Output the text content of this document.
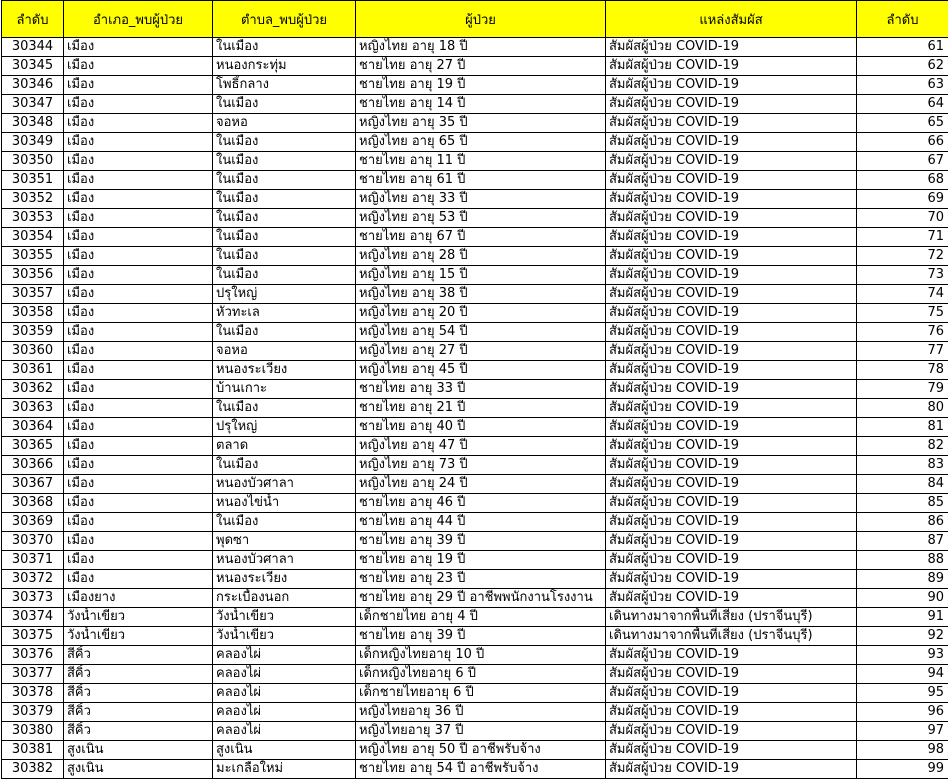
ลำดับ	อำเภอ_พบผู้ป่วย	ตำบล_พบผู้ป่วย	ผู้ป่วย	แหล่งสัมผัส	ลำดับ
30344	เมือง	ในเมือง	หญิงไทย อายุ 18 ปี	สัมผัสผู้ป่วย COVID-19	61
30345	เมือง	หนองกระทุ่ม	ชายไทย อายุ 27 ปี	สัมผัสผู้ป่วย COVID-19	62
30346	เมือง	โพธิ์กลาง	ชายไทย อายุ 19 ปี	สัมผัสผู้ป่วย COVID-19	63
30347	เมือง	ในเมือง	ชายไทย อายุ 14 ปี	สัมผัสผู้ป่วย COVID-19	64
30348	เมือง	จอหอ	หญิงไทย อายุ 35 ปี	สัมผัสผู้ป่วย COVID-19	65
30349	เมือง	ในเมือง	หญิงไทย อายุ 65 ปี	สัมผัสผู้ป่วย COVID-19	66
30350	เมือง	ในเมือง	ชายไทย อายุ 11 ปี	สัมผัสผู้ป่วย COVID-19	67
30351	เมือง	ในเมือง	ชายไทย อายุ 61 ปี	สัมผัสผู้ป่วย COVID-19	68
30352	เมือง	ในเมือง	หญิงไทย อายุ 33 ปี	สัมผัสผู้ป่วย COVID-19	69
30353	เมือง	ในเมือง	หญิงไทย อายุ 53 ปี	สัมผัสผู้ป่วย COVID-19	70
30354	เมือง	ในเมือง	ชายไทย อายุ 67 ปี	สัมผัสผู้ป่วย COVID-19	71
30355	เมือง	ในเมือง	หญิงไทย อายุ 28 ปี	สัมผัสผู้ป่วย COVID-19	72
30356	เมือง	ในเมือง	หญิงไทย อายุ 15 ปี	สัมผัสผู้ป่วย COVID-19	73
30357	เมือง	ปรุใหญ่	หญิงไทย อายุ 38 ปี	สัมผัสผู้ป่วย COVID-19	74
30358	เมือง	หัวทะเล	หญิงไทย อายุ 20 ปี	สัมผัสผู้ป่วย COVID-19	75
30359	เมือง	ในเมือง	หญิงไทย อายุ 54 ปี	สัมผัสผู้ป่วย COVID-19	76
30360	เมือง	จอหอ	หญิงไทย อายุ 27 ปี	สัมผัสผู้ป่วย COVID-19	77
30361	เมือง	หนองระเวียง	หญิงไทย อายุ 45 ปี	สัมผัสผู้ป่วย COVID-19	78
30362	เมือง	บ้านเกาะ	ชายไทย อายุ 33 ปี	สัมผัสผู้ป่วย COVID-19	79
30363	เมือง	ในเมือง	ชายไทย อายุ 21 ปี	สัมผัสผู้ป่วย COVID-19	80
30364	เมือง	ปรุใหญ่	ชายไทย อายุ 40 ปี	สัมผัสผู้ป่วย COVID-19	81
30365	เมือง	ตลาด	หญิงไทย อายุ 47 ปี	สัมผัสผู้ป่วย COVID-19	82
30366	เมือง	ในเมือง	หญิงไทย อายุ 73 ปี	สัมผัสผู้ป่วย COVID-19	83
30367	เมือง	หนองบัวศาลา	หญิงไทย อายุ 24 ปี	สัมผัสผู้ป่วย COVID-19	84
30368	เมือง	หนองไข่น้ำ	ชายไทย อายุ 46 ปี	สัมผัสผู้ป่วย COVID-19	85
30369	เมือง	ในเมือง	ชายไทย อายุ 44 ปี	สัมผัสผู้ป่วย COVID-19	86
30370	เมือง	พุดซา	ชายไทย อายุ 39 ปี	สัมผัสผู้ป่วย COVID-19	87
30371	เมือง	หนองบัวศาลา	ชายไทย อายุ 19 ปี	สัมผัสผู้ป่วย COVID-19	88
30372	เมือง	หนองระเวียง	ชายไทย อายุ 23 ปี	สัมผัสผู้ป่วย COVID-19	89
30373	เมืองยาง	กระเบื้องนอก	ชายไทย อายุ 29 ปี อาชีพพนักงานโรงงาน	สัมผัสผู้ป่วย COVID-19	90
30374	วังน้ำเขียว	วังน้ำเขียว	เด็กชายไทย อายุ 4 ปี	เดินทางมาจากพื้นที่เสี่ยง (ปราจีนบุรี)	91
30375	วังน้ำเขียว	วังน้ำเขียว	ชายไทย อายุ 39 ปี	เดินทางมาจากพื้นที่เสี่ยง (ปราจีนบุรี)	92
30376	สีคิ้ว	คลองไผ่	เด็กหญิงไทยอายุ 10 ปี	สัมผัสผู้ป่วย COVID-19	93
30377	สีคิ้ว	คลองไผ่	เด็กหญิงไทยอายุ 6 ปี	สัมผัสผู้ป่วย COVID-19	94
30378	สีคิ้ว	คลองไผ่	เด็กชายไทยอายุ 6 ปี	สัมผัสผู้ป่วย COVID-19	95
30379	สีคิ้ว	คลองไผ่	หญิงไทยอายุ 36 ปี	สัมผัสผู้ป่วย COVID-19	96
30380	สีคิ้ว	คลองไผ่	หญิงไทยอายุ 37 ปี	สัมผัสผู้ป่วย COVID-19	97
30381	สูงเนิน	สูงเนิน	หญิงไทย อายุ 50 ปี อาชีพรับจ้าง	สัมผัสผู้ป่วย COVID-19	98
30382	สูงเนิน	มะเกลือใหม่	ชายไทย อายุ 54 ปี อาชีพรับจ้าง	สัมผัสผู้ป่วย COVID-19	99
